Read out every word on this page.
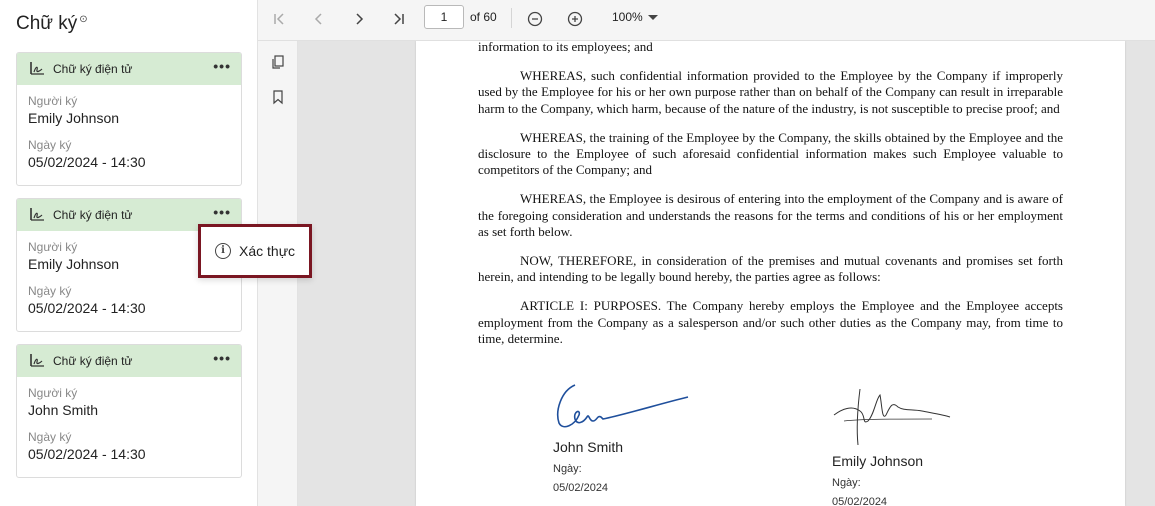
Chữ ký ⊙
Chữ ký điện tử	•••
Người ký
Emily Johnson
Ngày ký
05/02/2024 - 14:30
Chữ ký điện tử	•••
Người ký
Emily Johnson
Ngày ký
05/02/2024 - 14:30
Chữ ký điện tử	•••
Người ký
John Smith
Ngày ký
05/02/2024 - 14:30
i	Xác thực
1
of 60	100%

information to its employees; and

WHEREAS, such confidential information provided to the Employee by the Company if improperly used by the Employee for his or her own purpose rather than on behalf of the Company can result in irreparable harm to the Company, which harm, because of the nature of the industry, is not susceptible to precise proof; and

WHEREAS, the training of the Employee by the Company, the skills obtained by the Employee and the disclosure to the Employee of such aforesaid confidential information makes such Employee valuable to competitors of the Company; and

WHEREAS, the Employee is desirous of entering into the employment of the Company and is aware of the foregoing consideration and understands the reasons for the terms and conditions of his or her employment as set forth below.

NOW, THEREFORE, in consideration of the premises and mutual covenants and promises set forth herein, and intending to be legally bound hereby, the parties agree as follows:

ARTICLE I: PURPOSES. The Company hereby employs the Employee and the Employee accepts employment from the Company as a salesperson and/or such other duties as the Company may, from time to time, determine.

John Smith
Ngày:
05/02/2024
Emily Johnson
Ngày:
05/02/2024
